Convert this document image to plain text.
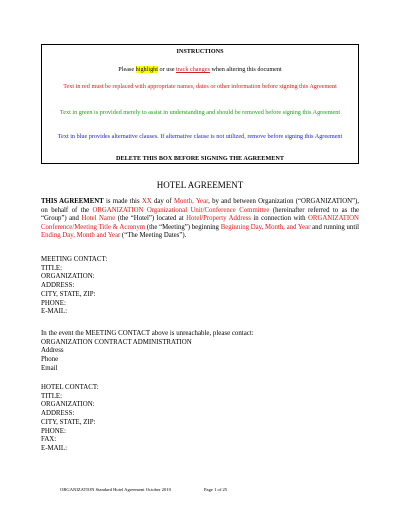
INSTRUCTIONS
Please highlight or use track changes when altering this document
Text in red must be replaced with appropriate names, dates or other information before signing this Agreement
Text in green is provided merely to assist in understanding and should be removed before signing this Agreement
Text in blue provides alternative clauses. If alternative clause is not utilized, remove before signing this Agreement
DELETE THIS BOX BEFORE SIGNING THE AGREEMENT
HOTEL AGREEMENT
THIS AGREEMENT is made this XX day of Month, Year, by and between Organization (“ORGANIZATION”), on behalf of the ORGANIZATION Organizational Unit/Conference Committee (hereinafter referred to as the “Group”) and Hotel Name (the “Hotel”) located at Hotel/Property Address in connection with ORGANIZATION Conference/Meeting Title & Acronym (the “Meeting”) beginning Beginning Day, Month, and Year and running until Ending Day, Month and Year (“The Meeting Dates”).
MEETING CONTACT:
TITLE:
ORGANIZATION:
ADDRESS:
CITY, STATE, ZIP:
PHONE:
E-MAIL:
In the event the MEETING CONTACT above is unreachable, please contact:
ORGANIZATION CONTRACT ADMINISTRATION
Address
Phone
Email
HOTEL CONTACT:
TITLE:
ORGANIZATION:
ADDRESS:
CITY, STATE, ZIP:
PHONE:
FAX:
E-MAIL:
ORGANIZATION Standard Hotel Agreement October 2010	Page 1 of 25
